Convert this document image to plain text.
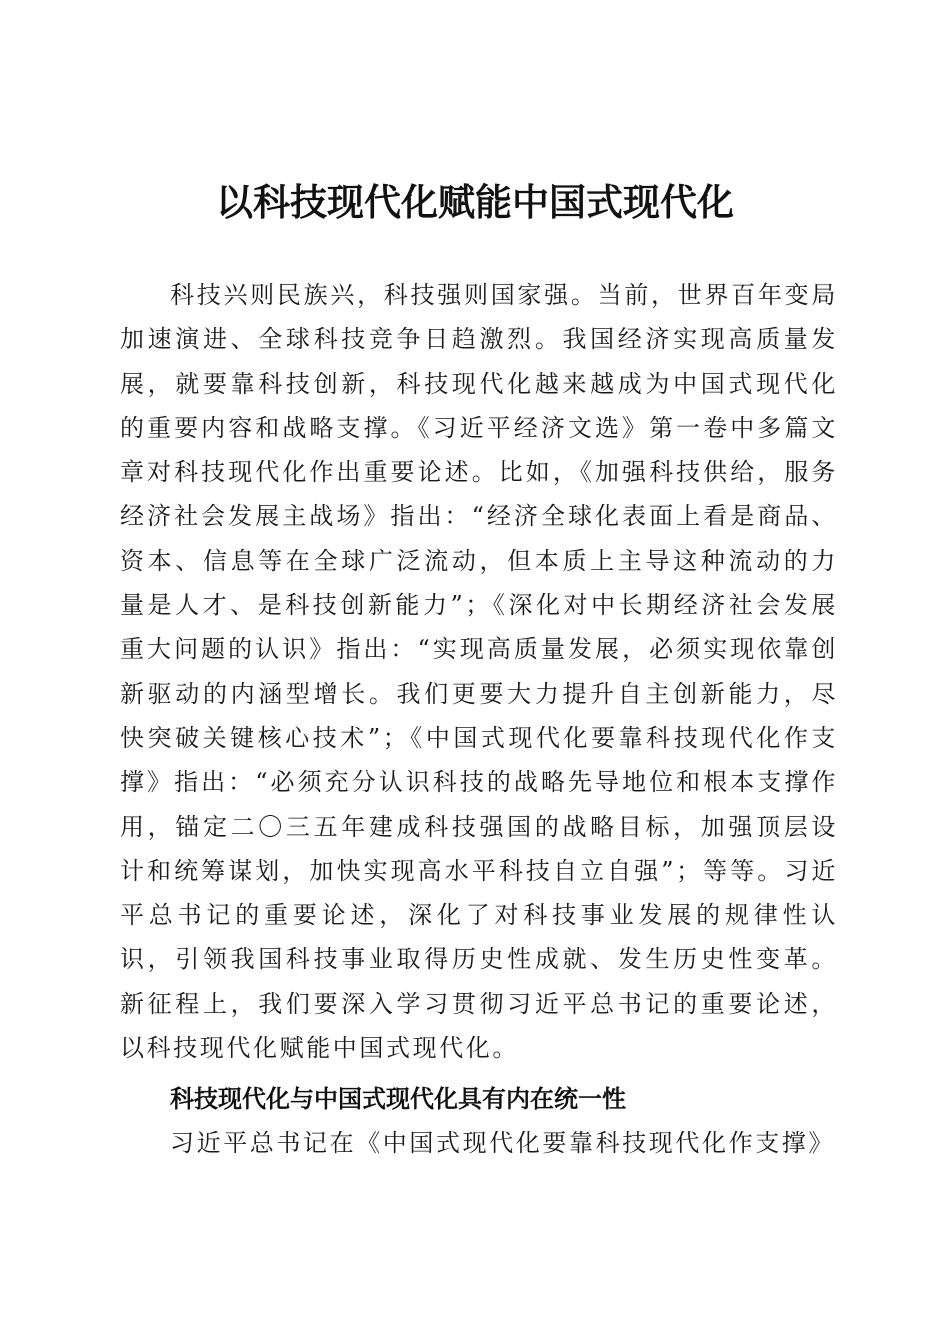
以科技现代化赋能中国式现代化

科技兴则民族兴，科技强则国家强。当前，世界百年变局加速演进、全球科技竞争日趋激烈。我国经济实现高质量发展，就要靠科技创新，科技现代化越来越成为中国式现代化的重要内容和战略支撑。《习近平经济文选》第一卷中多篇文章对科技现代化作出重要论述。比如，《加强科技供给，服务经济社会发展主战场》指出：“经济全球化表面上看是商品、资本、信息等在全球广泛流动，但本质上主导这种流动的力量是人才、是科技创新能力”；《深化对中长期经济社会发展重大问题的认识》指出：“实现高质量发展，必须实现依靠创新驱动的内涵型增长。我们更要大力提升自主创新能力，尽快突破关键核心技术”；《中国式现代化要靠科技现代化作支撑》指出：“必须充分认识科技的战略先导地位和根本支撑作用，锚定二〇三五年建成科技强国的战略目标，加强顶层设计和统筹谋划，加快实现高水平科技自立自强”；等等。习近平总书记的重要论述，深化了对科技事业发展的规律性认识，引领我国科技事业取得历史性成就、发生历史性变革。新征程上，我们要深入学习贯彻习近平总书记的重要论述，以科技现代化赋能中国式现代化。

科技现代化与中国式现代化具有内在统一性

习近平总书记在《中国式现代化要靠科技现代化作支撑》
